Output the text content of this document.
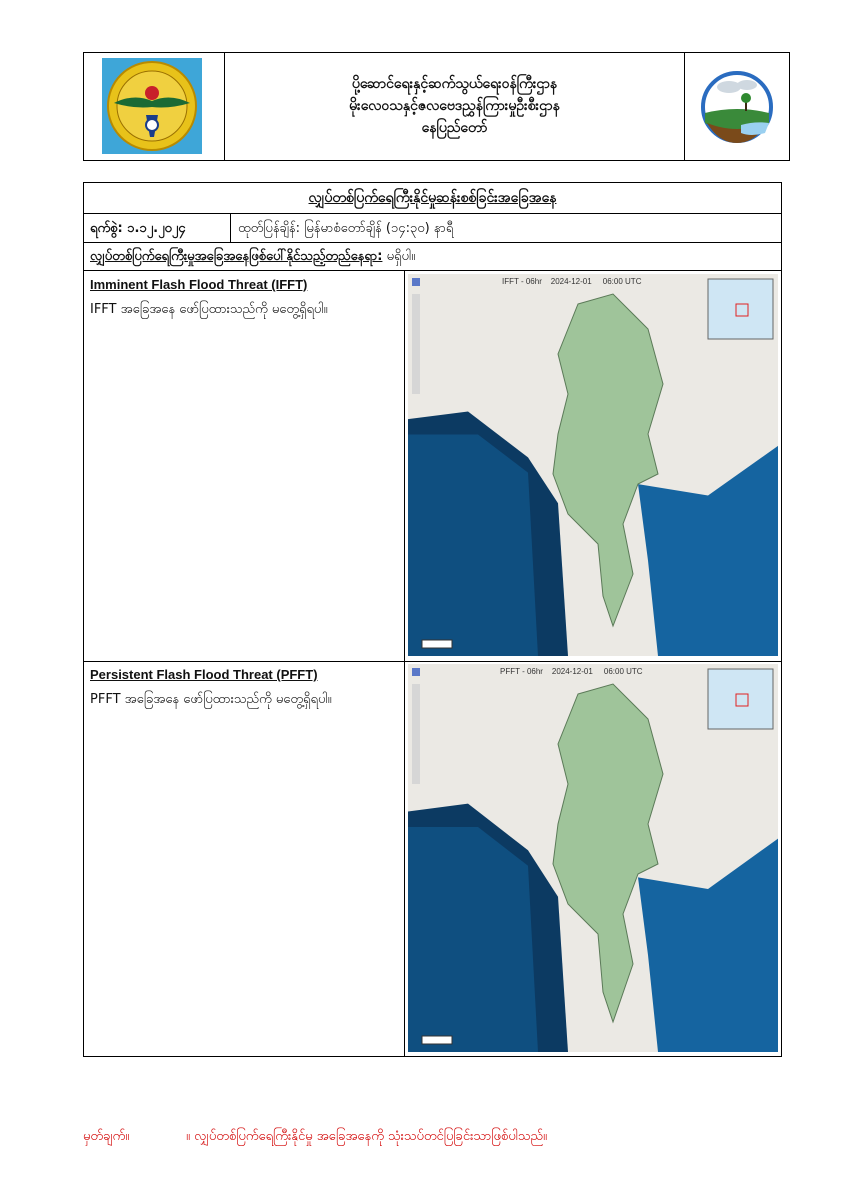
ပို့ဆောင်ရေးနှင့်ဆက်သွယ်ရေးဝန်ကြီးဌာန
မိုးလေဝသနှင့်ဇလဗေဒညွှန်ကြားမှုဦးစီးဌာန
နေပြည်တော်
လျှပ်တစ်ပြက်ရေကြီးနိုင်မှုဆန်းစစ်ခြင်းအခြေအနေ
ရက်စွဲ: ၁.၁၂.၂၀၂၄	ထုတ်ပြန်ချိန်: မြန်မာစံတော်ချိန် (၁၄:၃၀) နာရီ
လျှပ်တစ်ပြက်ရေကြီးမှုအခြေအနေဖြစ်ပေါ်နိုင်သည့်တည်နေရာ: မရှိပါ။
Imminent Flash Flood Threat (IFFT)
IFFT အခြေအနေ ဖော်ပြထားသည်ကို မတွေ့ရှိရပါ။
IFFT - 06hr    2024-12-01     06:00 UTC
Persistent Flash Flood Threat (PFFT)
PFFT အခြေအနေ ဖော်ပြထားသည်ကို မတွေ့ရှိရပါ။
PFFT - 06hr    2024-12-01     06:00 UTC
မှတ်ချက်။	။ လျှပ်တစ်ပြက်ရေကြီးနိုင်မှု အခြေအနေကို သုံးသပ်တင်ပြခြင်းသာဖြစ်ပါသည်။
